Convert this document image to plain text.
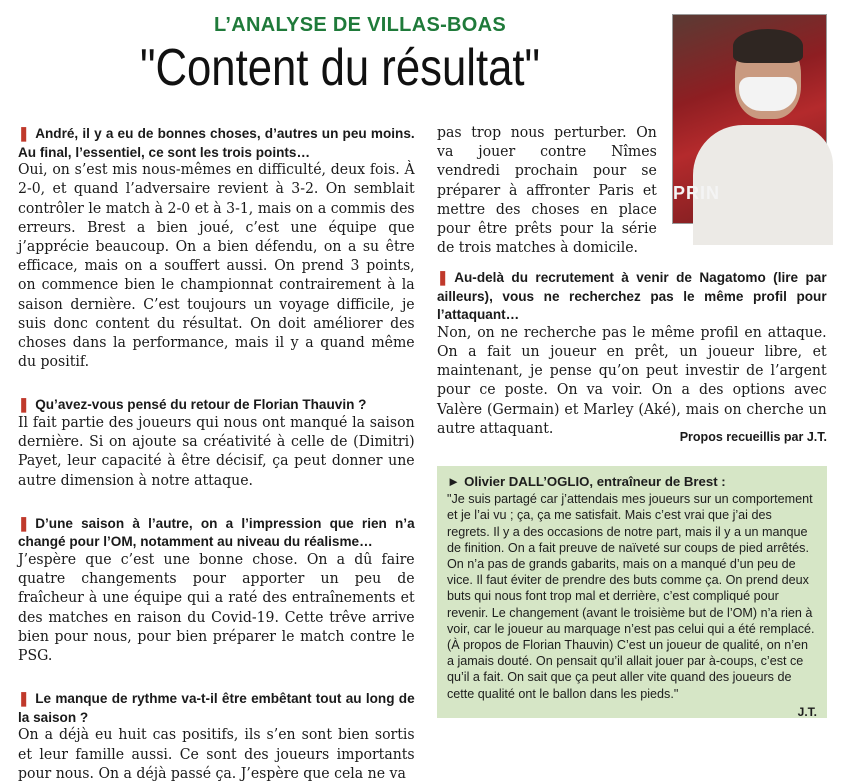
L’ANALYSE DE VILLAS-BOAS
"Content du résultat"
PRIN

❚ André, il y a eu de bonnes choses, d’autres un peu moins. Au final, l’essentiel, ce sont les trois points…

Oui, on s’est mis nous-mêmes en difficulté, deux fois. À 2-0, et quand l’adversaire revient à 3-2. On semblait contrôler le match à 2-0 et à 3-1, mais on a commis des erreurs. Brest a bien joué, c’est une équipe que j’apprécie beaucoup. On a bien défendu, on a su être efficace, mais on a souffert aussi. On prend 3 points, on commence bien le championnat contrairement à la saison dernière. C’est toujours un voyage difficile, je suis donc content du résultat. On doit améliorer des choses dans la performance, mais il y a quand même du positif.

❚ Qu’avez-vous pensé du retour de Florian Thauvin ?

Il fait partie des joueurs qui nous ont manqué la saison dernière. Si on ajoute sa créativité à celle de (Dimitri) Payet, leur capacité à être décisif, ça peut donner une autre dimension à notre attaque.

❚ D’une saison à l’autre, on a l’impression que rien n’a changé pour l’OM, notamment au niveau du réalisme…

J’espère que c’est une bonne chose. On a dû faire quatre changements pour apporter un peu de fraîcheur à une équipe qui a raté des entraînements et des matches en raison du Covid-19. Cette trêve arrive bien pour nous, pour bien préparer le match contre le PSG.

❚ Le manque de rythme va-t-il être embêtant tout au long de la saison ?

On a déjà eu huit cas positifs, ils s’en sont bien sortis et leur famille aussi. Ce sont des joueurs importants pour nous. On a déjà passé ça. J’espère que cela ne va

pas trop nous perturber. On va jouer contre Nîmes vendredi prochain pour se préparer à affronter Paris et mettre des choses en place pour être prêts pour la série de trois matches à domicile.

❚ Au-delà du recrutement à venir de Nagatomo (lire par ailleurs), vous ne recherchez pas le même profil pour l’attaquant…

Non, on ne recherche pas le même profil en attaque. On a fait un joueur en prêt, un joueur libre, et maintenant, je pense qu’on peut investir de l’argent pour ce poste. On va voir. On a des options avec Valère (Germain) et Marley (Aké), mais on cherche un autre attaquant.

Propos recueillis par J.T.
► Olivier DALL’OGLIO, entraîneur de Brest :
"Je suis partagé car j’attendais mes joueurs sur un comportement et je l’ai vu ; ça, ça me satisfait. Mais c’est vrai que j’ai des regrets. Il y a des occasions de notre part, mais il y a un manque de finition. On a fait preuve de naïveté sur coups de pied arrêtés. On n’a pas de grands gabarits, mais on a manqué d’un peu de vice. Il faut éviter de prendre des buts comme ça. On prend deux buts qui nous font trop mal et derrière, c’est compliqué pour revenir. Le changement (avant le troisième but de l’OM) n’a rien à voir, car le joueur au marquage n’est pas celui qui a été remplacé. (À propos de Florian Thauvin) C’est un joueur de qualité, on n’en a jamais douté. On pensait qu’il allait jouer par à-coups, c’est ce qu’il a fait. On sait que ça peut aller vite quand des joueurs de cette qualité ont le ballon dans les pieds."
J.T.
